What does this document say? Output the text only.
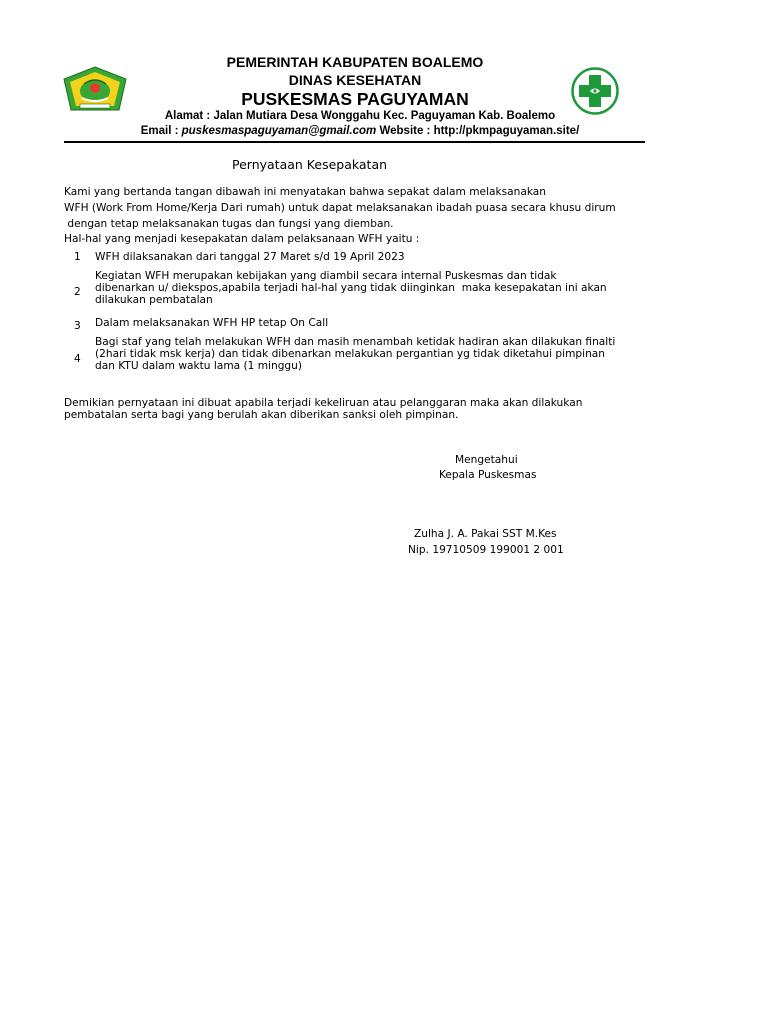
PEMERINTAH KABUPATEN BOALEMO
DINAS KESEHATAN
PUSKESMAS PAGUYAMAN
Alamat : Jalan Mutiara Desa Wonggahu Kec. Paguyaman Kab. Boalemo
Email : puskesmaspaguyaman@gmail.com Website : http://pkmpaguyaman.site/
Pernyataan Kesepakatan
Kami yang bertanda tangan dibawah ini menyatakan bahwa sepakat dalam melaksanakan
WFH (Work From Home/Kerja Dari rumah) untuk dapat melaksanakan ibadah puasa secara khusu dirum
dengan tetap melaksanakan tugas dan fungsi yang diemban.
Hal-hal yang menjadi kesepakatan dalam pelaksanaan WFH yaitu :
1 WFH dilaksanakan dari tanggal 27 Maret s/d 19 April 2023
2
Kegiatan WFH merupakan kebijakan yang diambil secara internal Puskesmas dan tidak
dibenarkan u/ diekspos,apabila terjadi hal-hal yang tidak diinginkan  maka kesepakatan ini akan
dilakukan pembatalan
3 Dalam melaksanakan WFH HP tetap On Call
4
Bagi staf yang telah melakukan WFH dan masih menambah ketidak hadiran akan dilakukan finalti
(2hari tidak msk kerja) dan tidak dibenarkan melakukan pergantian yg tidak diketahui pimpinan
dan KTU dalam waktu lama (1 minggu)
Demikian pernyataan ini dibuat apabila terjadi kekeliruan atau pelanggaran maka akan dilakukan
pembatalan serta bagi yang berulah akan diberikan sanksi oleh pimpinan.
Mengetahui
Kepala Puskesmas
Zulha J. A. Pakai SST M.Kes
Nip. 19710509 199001 2 001
